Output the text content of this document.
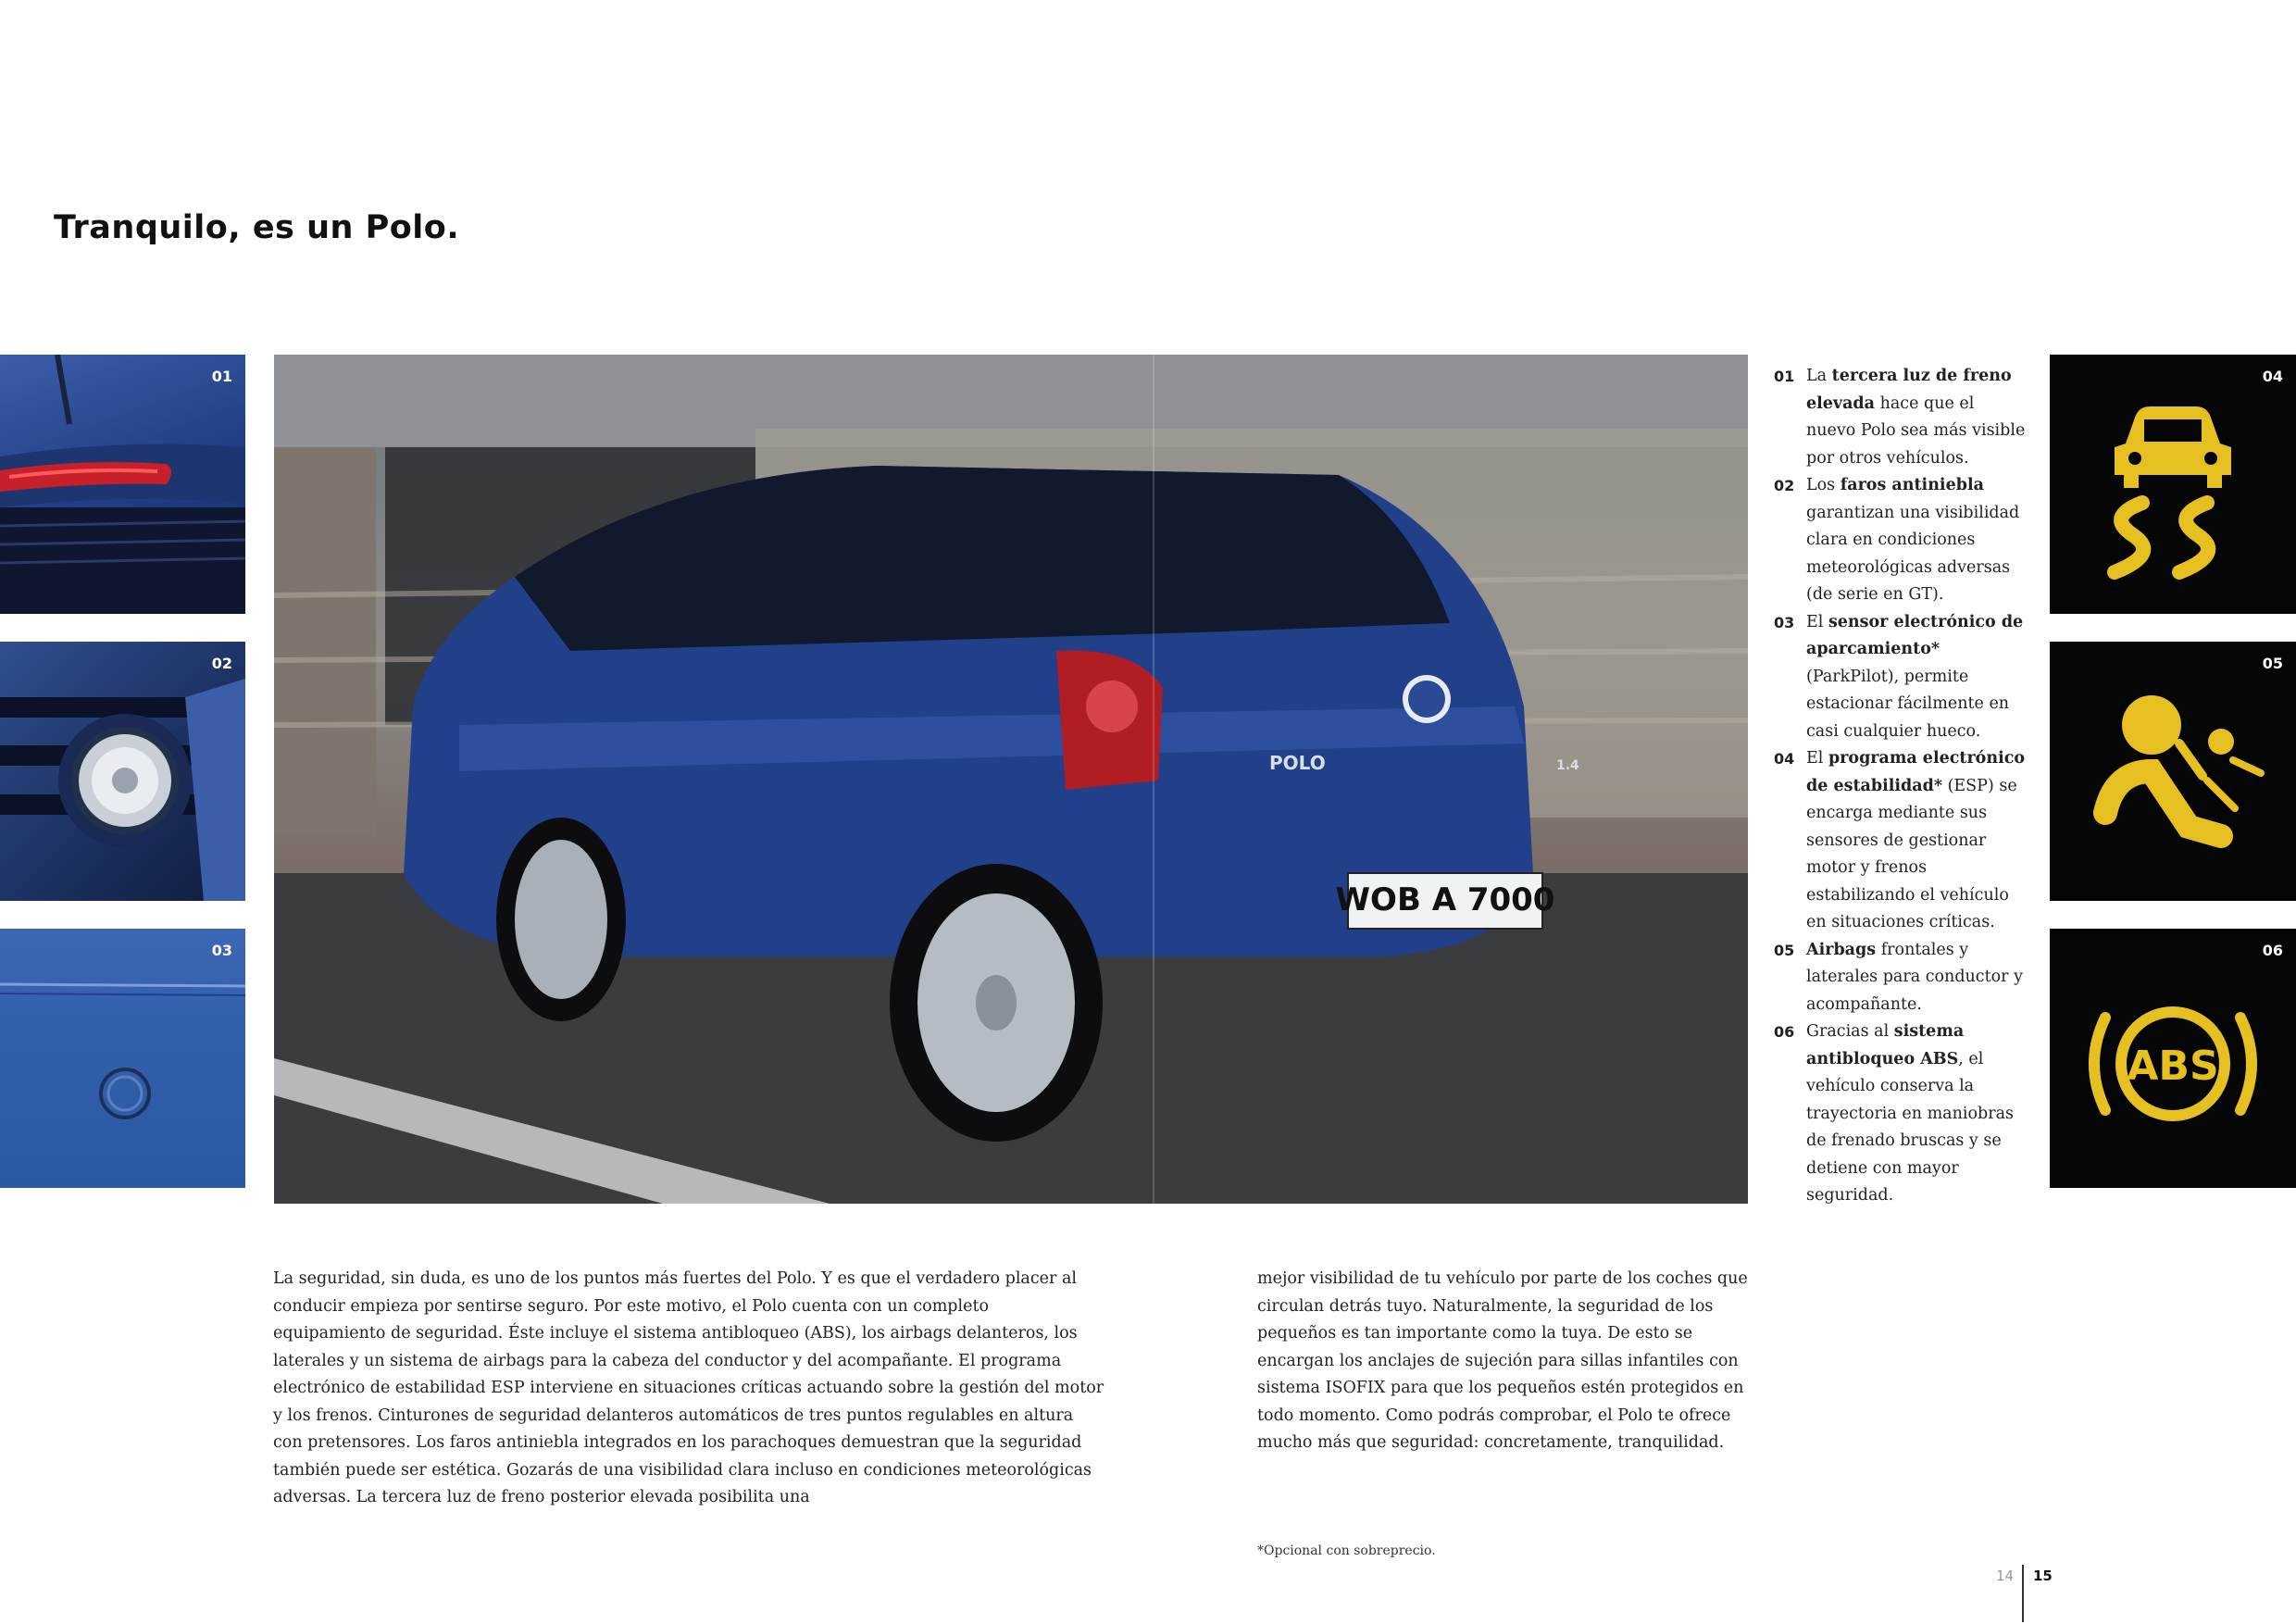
Tranquilo, es un Polo.
01
02
03
WOB A 7000
POLO	1.4
01 La tercera luz de freno elevada hace que el nuevo Polo sea más visible por otros vehículos.
02 Los faros antiniebla garantizan una visibilidad clara en condiciones meteorológicas adversas (de serie en GT).
03 El sensor electrónico de aparcamiento* (ParkPilot), permite estacionar fácilmente en casi cualquier hueco.
04 El programa electrónico de estabilidad* (ESP) se encarga mediante sus sensores de gestionar motor y frenos estabilizando el vehículo en situaciones críticas.
05 Airbags frontales y laterales para conductor y acompañante.
06 Gracias al sistema antibloqueo ABS, el vehículo conserva la trayectoria en maniobras de frenado bruscas y se detiene con mayor seguridad.
04
05
06
ABS
La seguridad, sin duda, es uno de los puntos más fuertes del Polo. Y es que el verdadero placer al conducir empieza por sentirse seguro. Por este motivo, el Polo cuenta con un completo equipamiento de seguridad. Éste incluye el sistema antibloqueo (ABS), los airbags delanteros, los laterales y un sistema de airbags para la cabeza del conductor y del acompañante. El programa electrónico de estabilidad ESP interviene en situaciones críticas actuando sobre la gestión del motor y los frenos. Cinturones de seguridad delanteros automáticos de tres puntos regulables en altura con pretensores. Los faros antiniebla integrados en los parachoques demuestran que la seguridad también puede ser estética. Gozarás de una visibilidad clara incluso en condiciones meteorológicas adversas. La tercera luz de freno posterior elevada posibilita una
mejor visibilidad de tu vehículo por parte de los coches que circulan detrás tuyo. Naturalmente, la seguridad de los pequeños es tan importante como la tuya. De esto se encargan los anclajes de sujeción para sillas infantiles con sistema ISOFIX para que los pequeños estén protegidos en todo momento. Como podrás comprobar, el Polo te ofrece mucho más que seguridad: concretamente, tranquilidad.
*Opcional con sobreprecio.
14 15
